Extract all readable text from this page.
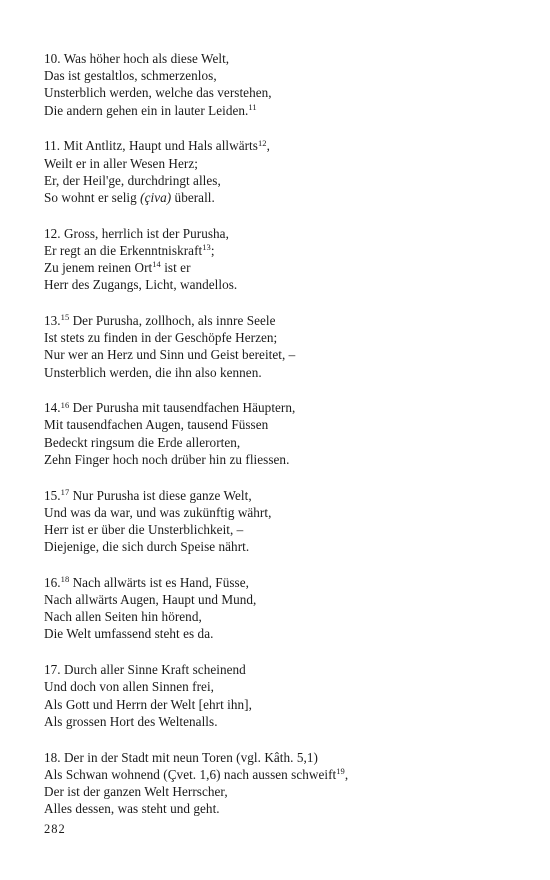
10. Was höher hoch als diese Welt,
Das ist gestaltlos, schmerzenlos,
Unsterblich werden, welche das verstehen,
Die andern gehen ein in lauter Leiden.$^{11}$
11. Mit Antlitz, Haupt und Hals allwärts$^{12}$,
Weilt er in aller Wesen Herz;
Er, der Heil'ge, durchdringt alles,
So wohnt er selig (çiva) überall.
12. Gross, herrlich ist der Purusha,
Er regt an die Erkenntniskraft$^{13}$;
Zu jenem reinen Ort$^{14}$ ist er
Herr des Zugangs, Licht, wandellos.
13.15 Der Purusha, zollhoch, als innre Seele
Ist stets zu finden in der Geschöpfe Herzen;
Nur wer an Herz und Sinn und Geist bereitet, –
Unsterblich werden, die ihn also kennen.
14.16 Der Purusha mit tausendfachen Häuptern,
Mit tausendfachen Augen, tausend Füssen
Bedeckt ringsum die Erde allerorten,
Zehn Finger hoch noch drüber hin zu fliessen.
15.17 Nur Purusha ist diese ganze Welt,
Und was da war, und was zukünftig währt,
Herr ist er über die Unsterblichkeit, –
Diejenige, die sich durch Speise nährt.
16.18 Nach allwärts ist es Hand, Füsse,
Nach allwärts Augen, Haupt und Mund,
Nach allen Seiten hin hörend,
Die Welt umfassend steht es da.
17. Durch aller Sinne Kraft scheinend
Und doch von allen Sinnen frei,
Als Gott und Herrn der Welt [ehrt ihn],
Als grossen Hort des Weltenalls.
18. Der in der Stadt mit neun Toren (vgl. Kâth. 5,1)
Als Schwan wohnend (Çvet. 1,6) nach aussen schweift$^{19}$,
Der ist der ganzen Welt Herrscher,
Alles dessen, was steht und geht.
282
